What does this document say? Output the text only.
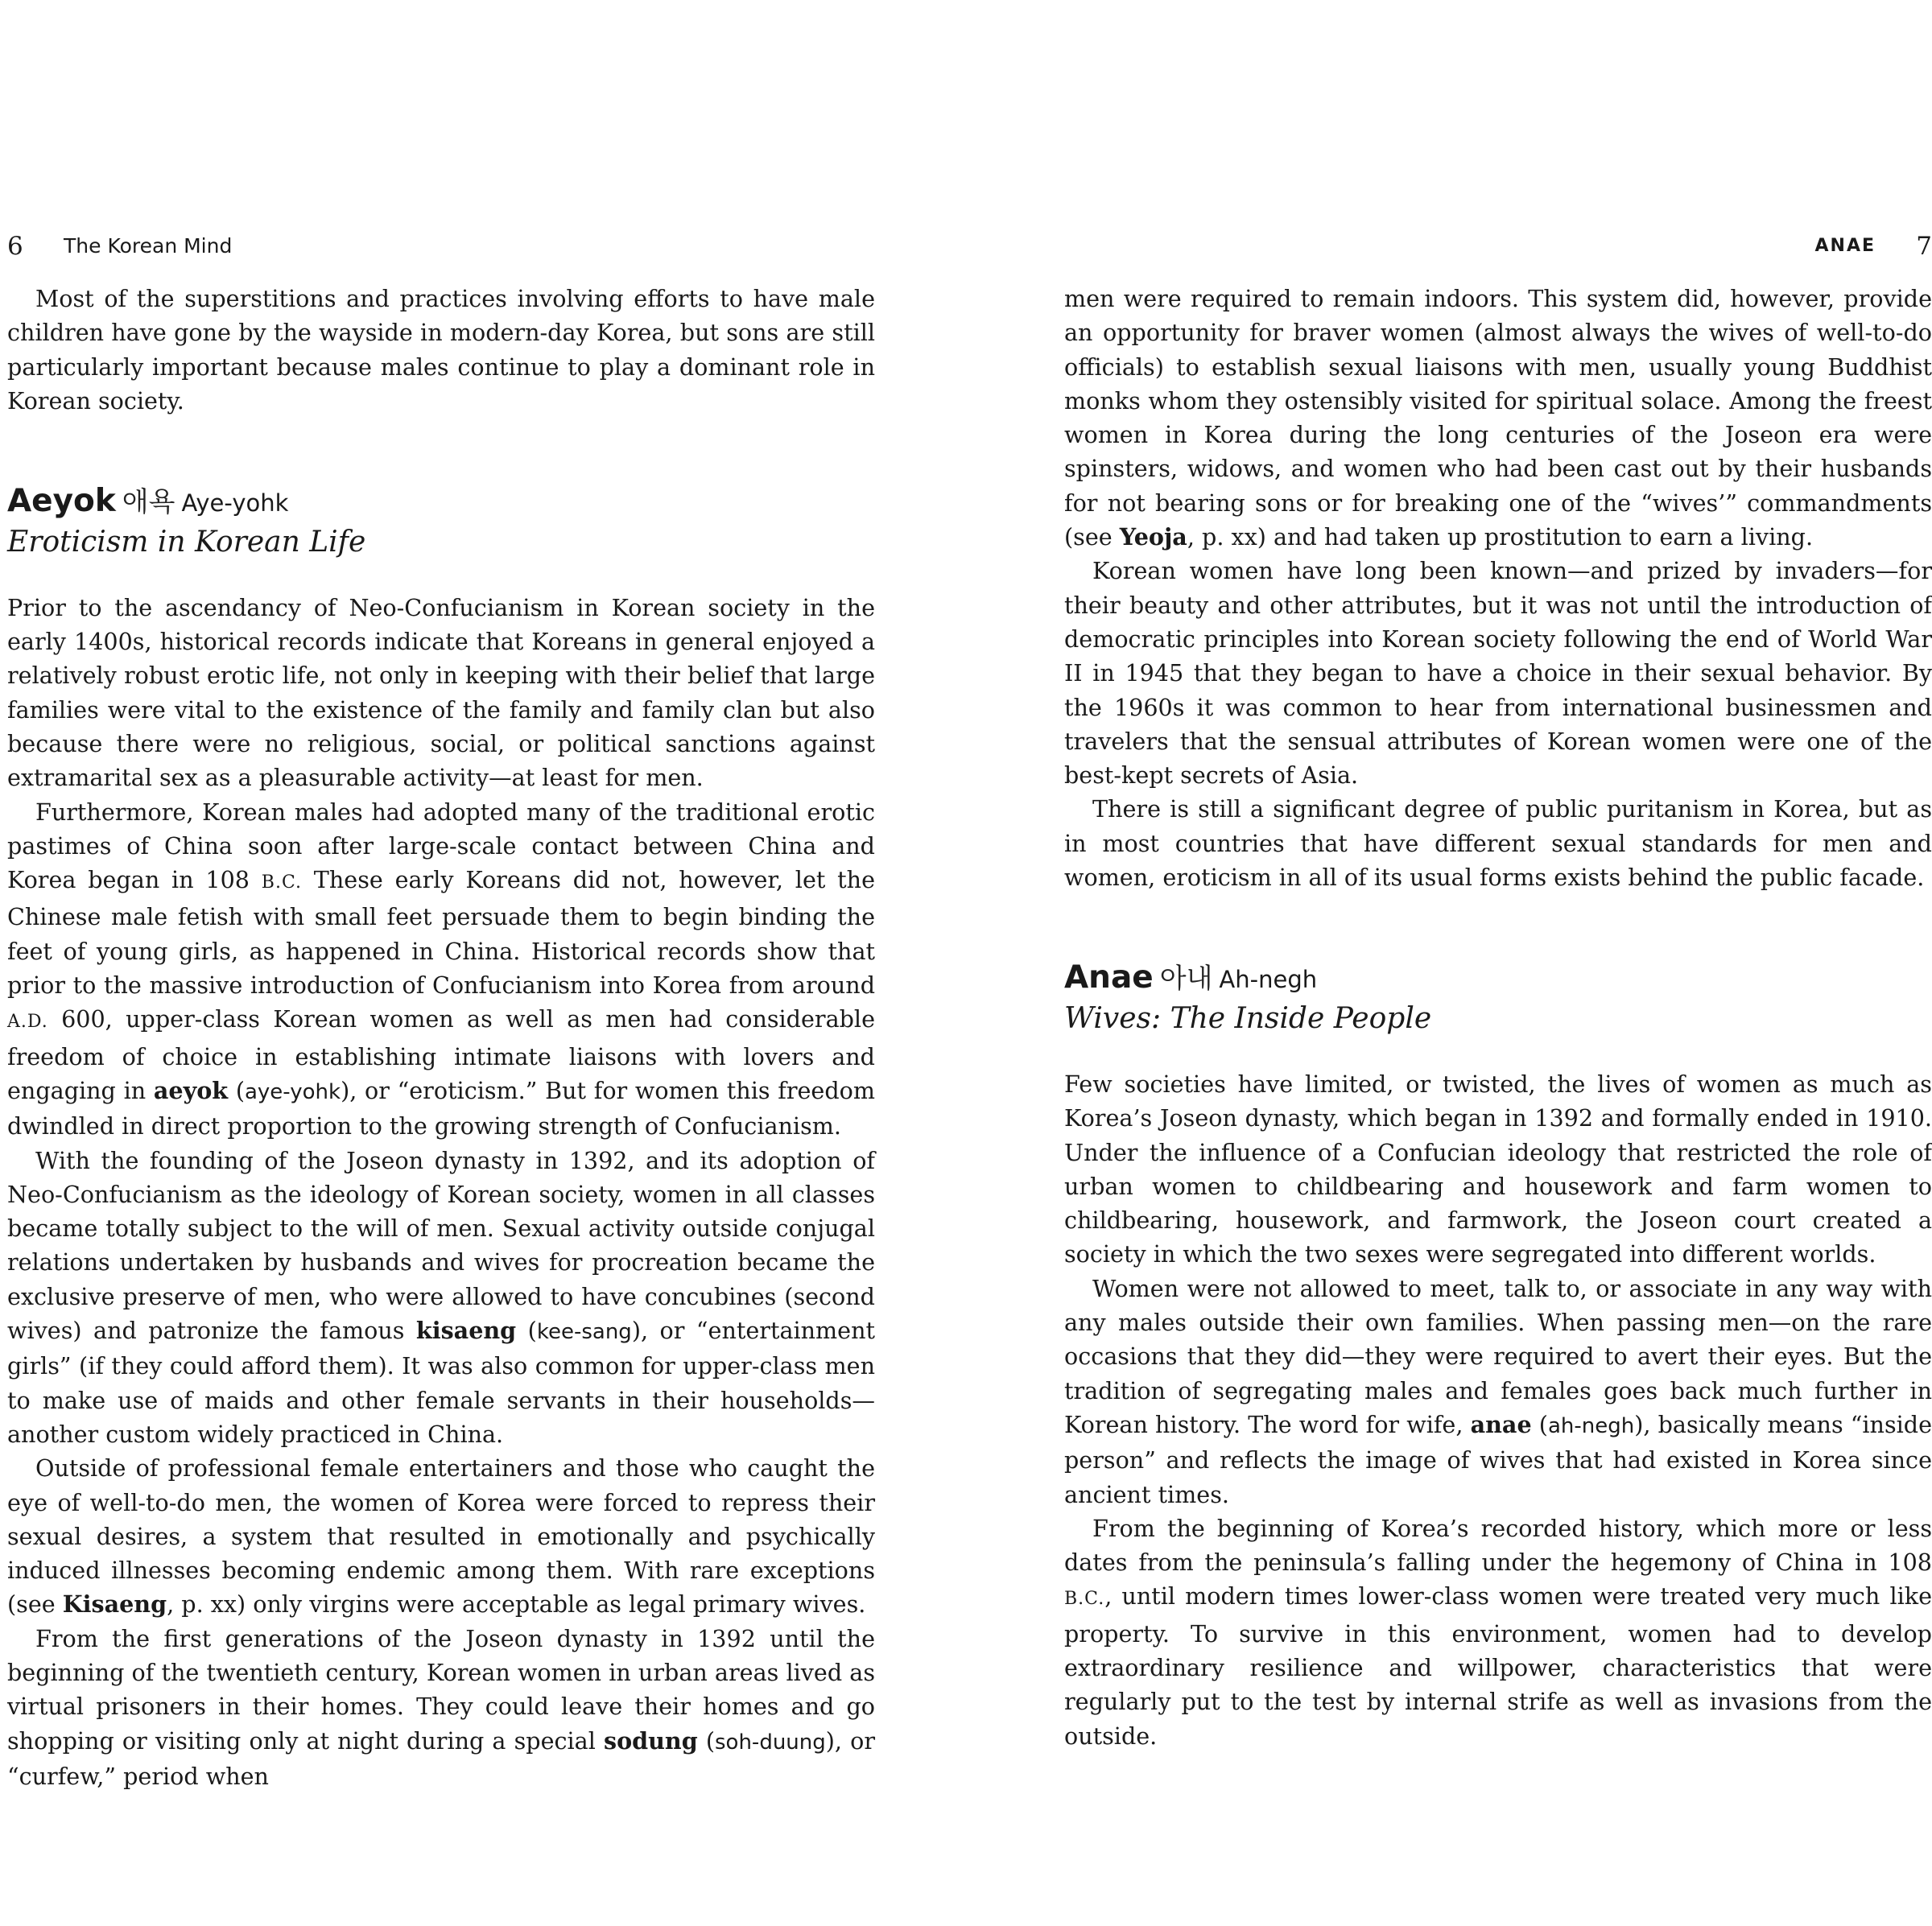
6 The Korean Mind

Most of the superstitions and practices involving efforts to have male children have gone by the wayside in modern-day Korea, but sons are still particularly important because males continue to play a dominant role in Korean society.

Aeyok 애욕 Aye-yohk
Eroticism in Korean Life

Prior to the ascendancy of Neo-Confucianism in Korean society in the early 1400s, historical records indicate that Koreans in general enjoyed a relatively robust erotic life, not only in keeping with their belief that large families were vital to the existence of the family and family clan but also because there were no religious, social, or political sanctions against extramarital sex as a pleasurable activity—at least for men.

Furthermore, Korean males had adopted many of the traditional erotic pastimes of China soon after large-scale contact between China and Korea began in 108 B.C. These early Koreans did not, however, let the Chinese male fetish with small feet persuade them to begin binding the feet of young girls, as happened in China. Historical records show that prior to the massive introduction of Confucianism into Korea from around A.D. 600, upper-class Korean women as well as men had considerable freedom of choice in establishing intimate liaisons with lovers and engaging in aeyok (aye-yohk), or “eroticism.” But for women this freedom dwindled in direct proportion to the growing strength of Confucianism.

With the founding of the Joseon dynasty in 1392, and its adoption of Neo-Confucianism as the ideology of Korean society, women in all classes became totally subject to the will of men. Sexual activity outside conjugal relations undertaken by husbands and wives for procreation became the exclusive preserve of men, who were allowed to have concubines (second wives) and patronize the famous kisaeng (kee-sang), or “entertainment girls” (if they could afford them). It was also common for upper-class men to make use of maids and other female servants in their households—another custom widely practiced in China.

Outside of professional female entertainers and those who caught the eye of well-to-do men, the women of Korea were forced to repress their sexual desires, a system that resulted in emotionally and psychically induced illnesses becoming endemic among them. With rare exceptions (see Kisaeng, p. xx) only virgins were acceptable as legal primary wives.

From the first generations of the Joseon dynasty in 1392 until the beginning of the twentieth century, Korean women in urban areas lived as virtual prisoners in their homes. They could leave their homes and go shopping or visiting only at night during a special sodung (soh-duung), or “curfew,” period when

ANAE 7

men were required to remain indoors. This system did, however, provide an opportunity for braver women (almost always the wives of well-to-do officials) to establish sexual liaisons with men, usually young Buddhist monks whom they ostensibly visited for spiritual solace. Among the freest women in Korea during the long centuries of the Joseon era were spinsters, widows, and women who had been cast out by their husbands for not bearing sons or for breaking one of the “wives’” commandments (see Yeoja, p. xx) and had taken up prostitution to earn a living.

Korean women have long been known—and prized by invaders—for their beauty and other attributes, but it was not until the introduction of democratic principles into Korean society following the end of World War II in 1945 that they began to have a choice in their sexual behavior. By the 1960s it was common to hear from international businessmen and travelers that the sensual attributes of Korean women were one of the best-kept secrets of Asia.

There is still a significant degree of public puritanism in Korea, but as in most countries that have different sexual standards for men and women, eroticism in all of its usual forms exists behind the public facade.

Anae 아내 Ah-negh
Wives: The Inside People

Few societies have limited, or twisted, the lives of women as much as Korea’s Joseon dynasty, which began in 1392 and formally ended in 1910. Under the influence of a Confucian ideology that restricted the role of urban women to childbearing and housework and farm women to childbearing, housework, and farmwork, the Joseon court created a society in which the two sexes were segregated into different worlds.

Women were not allowed to meet, talk to, or associate in any way with any males outside their own families. When passing men—on the rare occasions that they did—they were required to avert their eyes. But the tradition of segregating males and females goes back much further in Korean history. The word for wife, anae (ah-negh), basically means “inside person” and reflects the image of wives that had existed in Korea since ancient times.

From the beginning of Korea’s recorded history, which more or less dates from the peninsula’s falling under the hegemony of China in 108 B.C., until modern times lower-class women were treated very much like property. To survive in this environment, women had to develop extraordinary resilience and willpower, characteristics that were regularly put to the test by internal strife as well as invasions from the outside.
